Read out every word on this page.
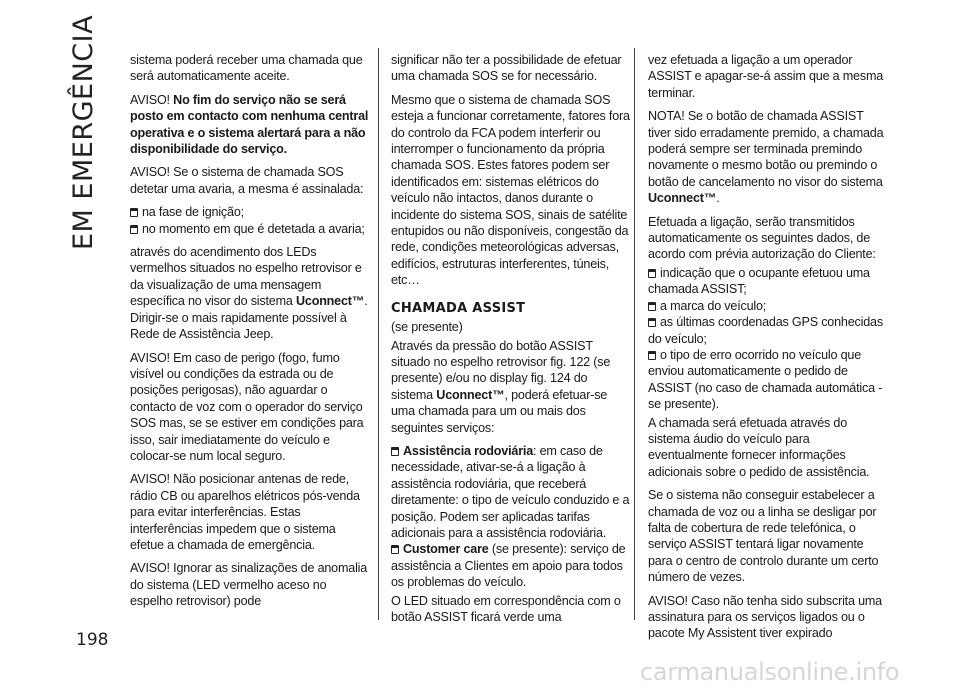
EM EMERGÊNCIA
198

sistema poderá receber uma chamada que será automaticamente aceite.

AVISO! No fim do serviço não se será posto em contacto com nenhuma central operativa e o sistema alertará para a não disponibilidade do serviço.

AVISO! Se o sistema de chamada SOS detetar uma avaria, a mesma é assinalada:

na fase de ignição;
no momento em que é detetada a avaria;

através do acendimento dos LEDs vermelhos situados no espelho retrovisor e da visualização de uma mensagem específica no visor do sistema Uconnect™. Dirigir-se o mais rapidamente possível à Rede de Assistência Jeep.

AVISO! Em caso de perigo (fogo, fumo visível ou condições da estrada ou de posições perigosas), não aguardar o contacto de voz com o operador do serviço SOS mas, se se estiver em condições para isso, sair imediatamente do veículo e colocar-se num local seguro.

AVISO! Não posicionar antenas de rede, rádio CB ou aparelhos elétricos pós-venda para evitar interferências. Estas interferências impedem que o sistema efetue a chamada de emergência.

AVISO! Ignorar as sinalizações de anomalia do sistema (LED vermelho aceso no espelho retrovisor) pode

significar não ter a possibilidade de efetuar uma chamada SOS se for necessário.

Mesmo que o sistema de chamada SOS esteja a funcionar corretamente, fatores fora do controlo da FCA podem interferir ou interromper o funcionamento da própria chamada SOS. Estes fatores podem ser identificados em: sistemas elétricos do veículo não intactos, danos durante o incidente do sistema SOS, sinais de satélite entupidos ou não disponíveis, congestão da rede, condições meteorológicas adversas, edifícios, estruturas interferentes, túneis, etc…

CHAMADA ASSIST

(se presente)

Através da pressão do botão ASSIST situado no espelho retrovisor fig. 122 (se presente) e/ou no display fig. 124 do sistema Uconnect™, poderá efetuar-se uma chamada para um ou mais dos seguintes serviços:

Assistência rodoviária: em caso de necessidade, ativar-se-á a ligação à assistência rodoviária, que receberá diretamente: o tipo de veículo conduzido e a posição. Podem ser aplicadas tarifas adicionais para a assistência rodoviária.
Customer care (se presente): serviço de assistência a Clientes em apoio para todos os problemas do veículo.

O LED situado em correspondência com o botão ASSIST ficará verde uma

vez efetuada a ligação a um operador ASSIST e apagar-se-á assim que a mesma terminar.

NOTA! Se o botão de chamada ASSIST tiver sido erradamente premido, a chamada poderá sempre ser terminada premindo novamente o mesmo botão ou premindo o botão de cancelamento no visor do sistema Uconnect™.

Efetuada a ligação, serão transmitidos automaticamente os seguintes dados, de acordo com prévia autorização do Cliente:

indicação que o ocupante efetuou uma chamada ASSIST;
a marca do veículo;
as últimas coordenadas GPS conhecidas do veículo;
o tipo de erro ocorrido no veículo que enviou automaticamente o pedido de ASSIST (no caso de chamada automática - se presente).

A chamada será efetuada através do sistema áudio do veículo para eventualmente fornecer informações adicionais sobre o pedido de assistência.

Se o sistema não conseguir estabelecer a chamada de voz ou a linha se desligar por falta de cobertura de rede telefónica, o serviço ASSIST tentará ligar novamente para o centro de controlo durante um certo número de vezes.

AVISO! Caso não tenha sido subscrita uma assinatura para os serviços ligados ou o pacote My Assistent tiver expirado

carmanualsonline.info
